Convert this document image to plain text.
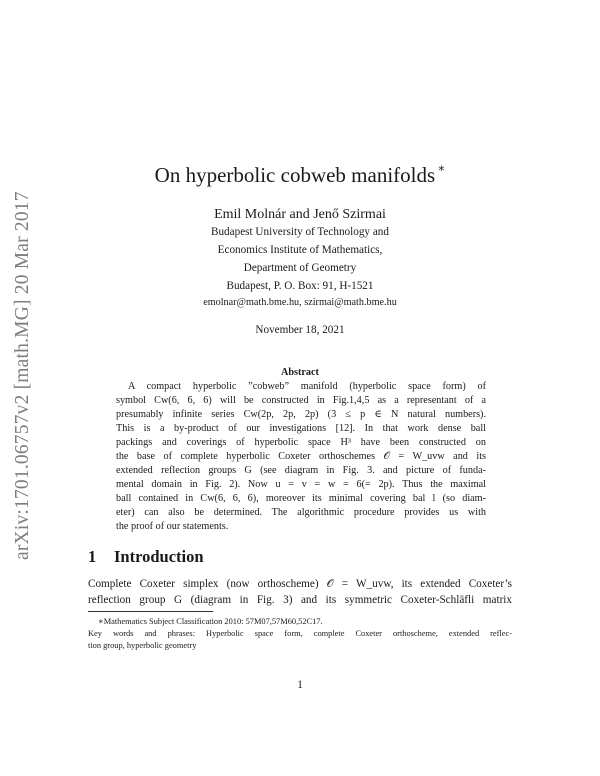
arXiv:1701.06757v2 [math.MG] 20 Mar 2017
On hyperbolic cobweb manifolds ∗
Emil Molnár and Jenő Szirmai
Budapest University of Technology and
Economics Institute of Mathematics,
Department of Geometry
Budapest, P. O. Box: 91, H-1521
emolnar@math.bme.hu, szirmai@math.bme.hu
November 18, 2021
Abstract
A compact hyperbolic ”cobweb” manifold (hyperbolic space form) of
symbol Cw(6, 6, 6) will be constructed in Fig.1,4,5 as a representant of a
presumably infinite series Cw(2p, 2p, 2p) (3 ≤ p ∈ N natural numbers).
This is a by-product of our investigations [12]. In that work dense ball
packings and coverings of hyperbolic space H³ have been constructed on
the base of complete hyperbolic Coxeter orthoschemes 𝒪 = W_uvw and its
extended reflection groups G (see diagram in Fig. 3. and picture of funda-
mental domain in Fig. 2). Now u = v = w = 6(= 2p). Thus the maximal
ball contained in Cw(6, 6, 6), moreover its minimal covering bal l (so diam-
eter) can also be determined. The algorithmic procedure provides us with
the proof of our statements.
1 Introduction
Complete Coxeter simplex (now orthoscheme) 𝒪 = W_uvw, its extended Coxeter’s
reflection group G (diagram in Fig. 3) and its symmetric Coxeter-Schläfli matrix
∗Mathematics Subject Classification 2010: 57M07,57M60,52C17.
Key words and phrases: Hyperbolic space form, complete Coxeter orthoscheme, extended reflec-
tion group, hyperbolic geometry
1
